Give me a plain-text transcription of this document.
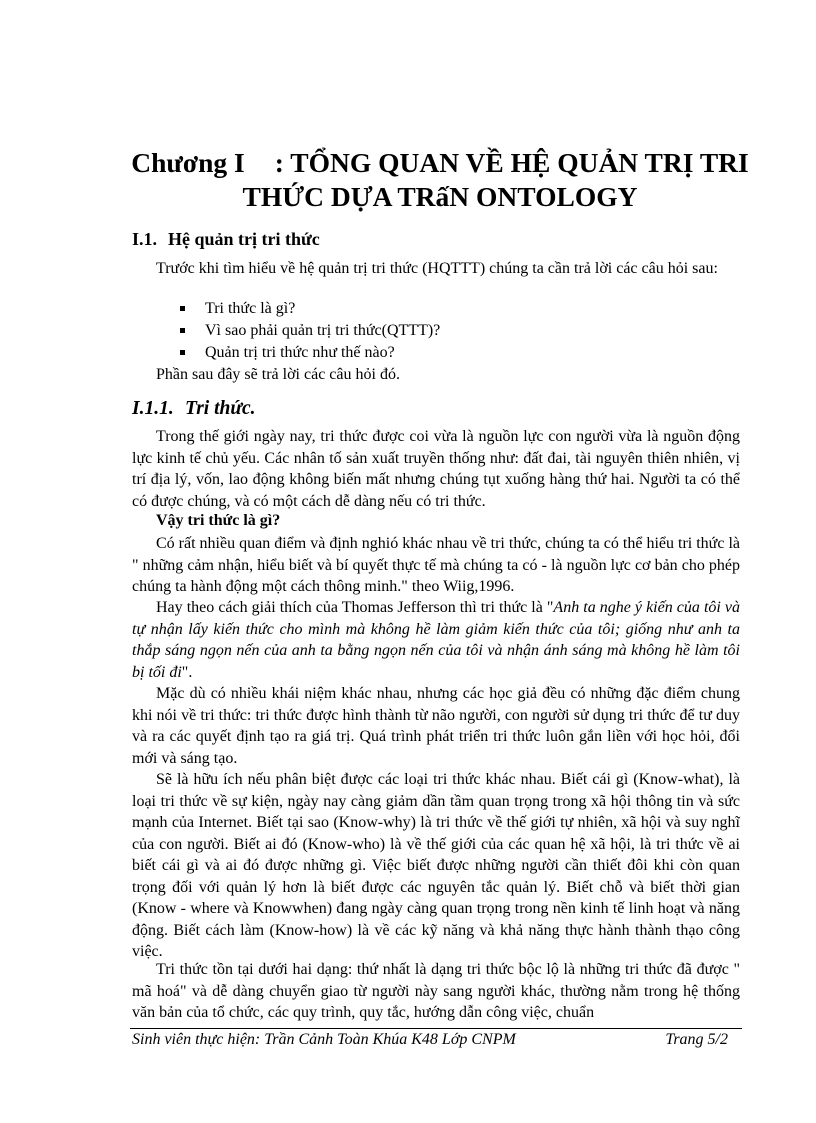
Chương I : TỔNG QUAN VỀ HỆ QUẢN TRỊ TRI
THỨC DỰA TRấN ONTOLOGY
I.1. Hệ quản trị tri thức

Trước khi tìm hiểu về hệ quản trị tri thức (HQTTT) chúng ta cần trả lời các câu hỏi sau:

Tri thức là gì?
Vì sao phải quản trị tri thức(QTTT)?
Quản trị tri thức như thế nào?

Phần sau đây sẽ trả lời các câu hỏi đó.

I.1.1. Tri thức.

Trong thế giới ngày nay, tri thức được coi vừa là nguồn lực con người vừa là nguồn động lực kinh tế chủ yếu. Các nhân tố sản xuất truyền thống như: đất đai, tài nguyên thiên nhiên, vị trí địa lý, vốn, lao động không biến mất nhưng chúng tụt xuống hàng thứ hai. Người ta có thể có được chúng, và có một cách dễ dàng nếu có tri thức.

Vậy tri thức là gì?

Có rất nhiều quan điểm và định nghió khác nhau về tri thức, chúng ta có thể hiểu tri thức là " những cảm nhận, hiểu biết và bí quyết thực tế mà chúng ta có - là nguồn lực cơ bản cho phép chúng ta hành động một cách thông minh." theo Wiig,1996.

Hay theo cách giải thích của Thomas Jefferson thì tri thức là "Anh ta nghe ý kiến của tôi và tự nhận lấy kiến thức cho mình mà không hề làm giảm kiến thức của tôi; giống như anh ta thắp sáng ngọn nến của anh ta bằng ngọn nến của tôi và nhận ánh sáng mà không hề làm tôi bị tối đi".

Mặc dù có nhiều khái niệm khác nhau, nhưng các học giả đều có những đặc điểm chung khi nói về tri thức: tri thức được hình thành từ não người, con người sử dụng tri thức để tư duy và ra các quyết định tạo ra giá trị. Quá trình phát triển tri thức luôn gắn liền với học hỏi, đổi mới và sáng tạo.

Sẽ là hữu ích nếu phân biệt được các loại tri thức khác nhau. Biết cái gì (Know-what), là loại tri thức về sự kiện, ngày nay càng giảm dần tầm quan trọng trong xã hội thông tin và sức mạnh của Internet. Biết tại sao (Know-why) là tri thức về thế giới tự nhiên, xã hội và suy nghĩ của con người. Biết ai đó (Know-who) là về thế giới của các quan hệ xã hội, là tri thức về ai biết cái gì và ai đó được những gì. Việc biết được những người cần thiết đôi khi còn quan trọng đối với quản lý hơn là biết được các nguyên tắc quản lý. Biết chỗ và biết thời gian (Know - where và Knowwhen) đang ngày càng quan trọng trong nền kinh tế linh hoạt và năng động. Biết cách làm (Know-how) là về các kỹ năng và khả năng thực hành thành thạo công việc.

Tri thức tồn tại dưới hai dạng: thứ nhất là dạng tri thức bộc lộ là những tri thức đã được " mã hoá" và dễ dàng chuyển giao từ người này sang người khác, thường nằm trong hệ thống văn bản của tổ chức, các quy trình, quy tắc, hướng dẫn công việc, chuẩn

Sinh viên thực hiện: Trần Cảnh Toàn Khúa K48 Lớp CNPM	Trang 5/2
